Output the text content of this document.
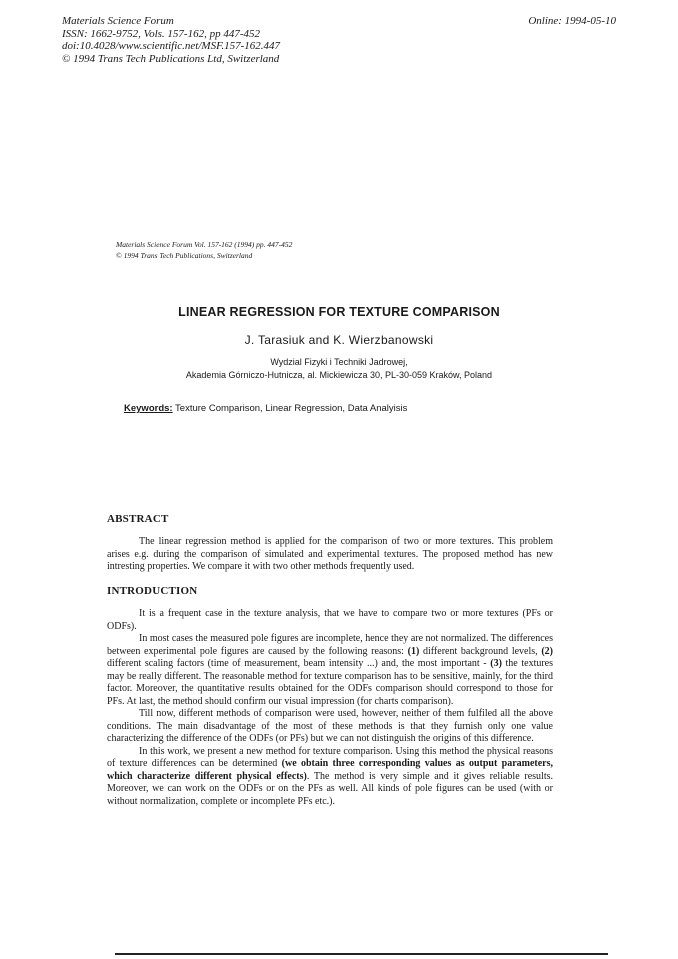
Materials Science Forum
ISSN: 1662-9752, Vols. 157-162, pp 447-452
doi:10.4028/www.scientific.net/MSF.157-162.447
© 1994 Trans Tech Publications Ltd, Switzerland
Online: 1994-05-10
Materials Science Forum Vol. 157-162 (1994) pp. 447-452
© 1994 Trans Tech Publications, Switzerland
LINEAR REGRESSION FOR TEXTURE COMPARISON
J. Tarasiuk and K. Wierzbanowski
Wydzial Fizyki i Techniki Jadrowej,
Akademia Górniczo-Hutnicza, al. Mickiewicza 30, PL-30-059 Kraków, Poland
Keywords: Texture Comparison, Linear Regression, Data Analyisis
ABSTRACT

The linear regression method is applied for the comparison of two or more textures. This problem arises e.g. during the comparison of simulated and experimental textures. The proposed method has new intresting properties. We compare it with two other methods frequently used.

INTRODUCTION

It is a frequent case in the texture analysis, that we have to compare two or more textures (PFs or ODFs).

In most cases the measured pole figures are incomplete, hence they are not normalized. The differences between experimental pole figures are caused by the following reasons: (1) different background levels, (2) different scaling factors (time of measurement, beam intensity ...) and, the most important - (3) the textures may be really different. The reasonable method for texture comparison has to be sensitive, mainly, for the third factor. Moreover, the quantitative results obtained for the ODFs comparison should correspond to those for PFs. At last, the method should confirm our visual impression (for charts comparison).

Till now, different methods of comparison were used, however, neither of them fulfiled all the above conditions. The main disadvantage of the most of these methods is that they furnish only one value characterizing the difference of the ODFs (or PFs) but we can not distinguish the origins of this difference.

In this work, we present a new method for texture comparison. Using this method the physical reasons of texture differences can be determined (we obtain three corresponding values as output parameters, which characterize different physical effects). The method is very simple and it gives reliable results. Moreover, we can work on the ODFs or on the PFs as well. All kinds of pole figures can be used (with or without normalization, complete or incomplete PFs etc.).
